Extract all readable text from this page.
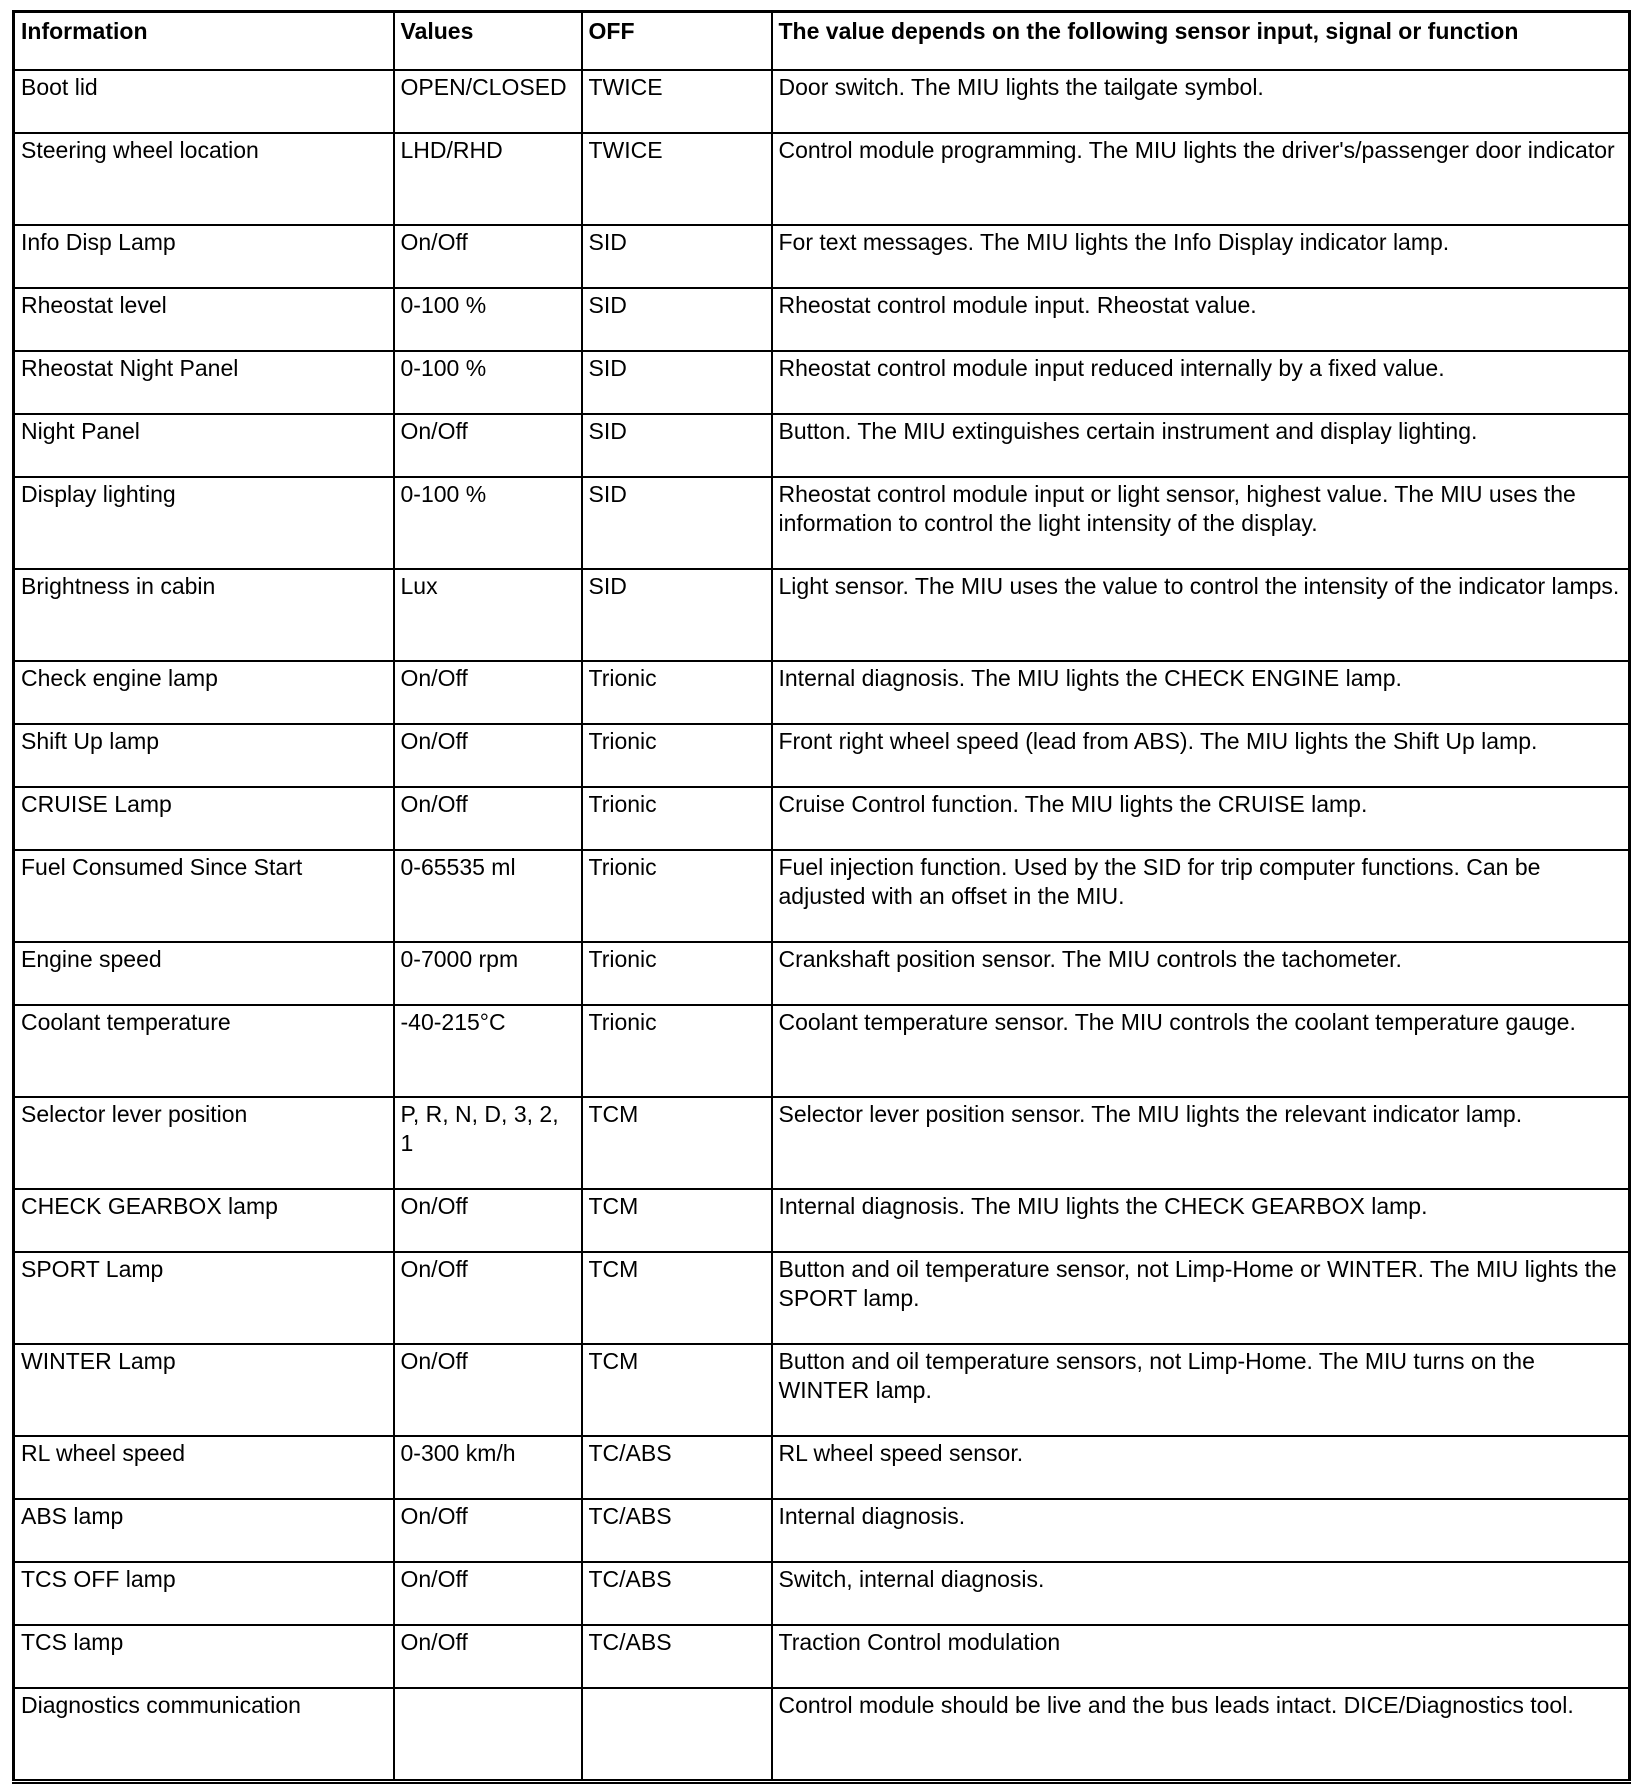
Information	Values	OFF	The value depends on the following sensor input, signal or function
Boot lid	OPEN/CLOSED	TWICE	Door switch. The MIU lights the tailgate symbol.
Steering wheel location	LHD/RHD	TWICE	Control module programming. The MIU lights the driver's/passenger door indicator
Info Disp Lamp	On/Off	SID	For text messages. The MIU lights the Info Display indicator lamp.
Rheostat level	0-100 %	SID	Rheostat control module input. Rheostat value.
Rheostat Night Panel	0-100 %	SID	Rheostat control module input reduced internally by a fixed value.
Night Panel	On/Off	SID	Button. The MIU extinguishes certain instrument and display lighting.
Display lighting	0-100 %	SID	Rheostat control module input or light sensor, highest value. The MIU uses the information to control the light intensity of the display.
Brightness in cabin	Lux	SID	Light sensor. The MIU uses the value to control the intensity of the indicator lamps.
Check engine lamp	On/Off	Trionic	Internal diagnosis. The MIU lights the CHECK ENGINE lamp.
Shift Up lamp	On/Off	Trionic	Front right wheel speed (lead from ABS). The MIU lights the Shift Up lamp.
CRUISE Lamp	On/Off	Trionic	Cruise Control function. The MIU lights the CRUISE lamp.
Fuel Consumed Since Start	0-65535 ml	Trionic	Fuel injection function. Used by the SID for trip computer functions. Can be adjusted with an offset in the MIU.
Engine speed	0-7000 rpm	Trionic	Crankshaft position sensor. The MIU controls the tachometer.
Coolant temperature	-40-215°C	Trionic	Coolant temperature sensor. The MIU controls the coolant temperature gauge.
Selector lever position	P, R, N, D, 3, 2, 1	TCM	Selector lever position sensor. The MIU lights the relevant indicator lamp.
CHECK GEARBOX lamp	On/Off	TCM	Internal diagnosis. The MIU lights the CHECK GEARBOX lamp.
SPORT Lamp	On/Off	TCM	Button and oil temperature sensor, not Limp-Home or WINTER. The MIU lights the SPORT lamp.
WINTER Lamp	On/Off	TCM	Button and oil temperature sensors, not Limp-Home. The MIU turns on the WINTER lamp.
RL wheel speed	0-300 km/h	TC/ABS	RL wheel speed sensor.
ABS lamp	On/Off	TC/ABS	Internal diagnosis.
TCS OFF lamp	On/Off	TC/ABS	Switch, internal diagnosis.
TCS lamp	On/Off	TC/ABS	Traction Control modulation
Diagnostics communication			Control module should be live and the bus leads intact. DICE/Diagnostics tool.
